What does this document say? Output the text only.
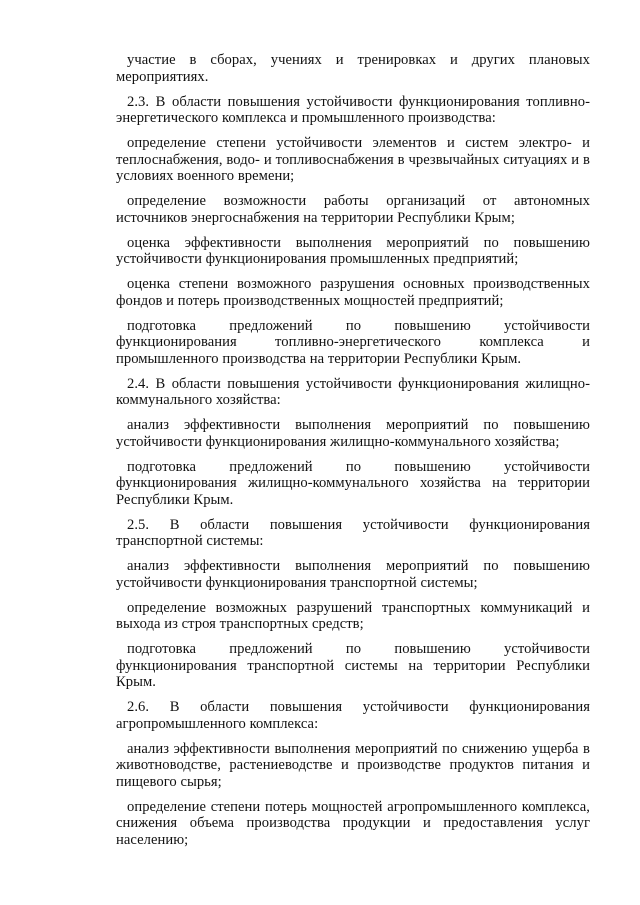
участие в сборах, учениях и тренировках и других плановых мероприятиях.

2.3. В области повышения устойчивости функционирования топливно-энергетического комплекса и промышленного производства:

определение степени устойчивости элементов и систем электро- и теплоснабжения, водо- и топливоснабжения в чрезвычайных ситуациях и в условиях военного времени;

определение возможности работы организаций от автономных источников энергоснабжения на территории Республики Крым;

оценка эффективности выполнения мероприятий по повышению устойчивости функционирования промышленных предприятий;

оценка степени возможного разрушения основных производственных фондов и потерь производственных мощностей предприятий;

подготовка предложений по повышению устойчивости функционирования топливно-энергетического комплекса и промышленного производства на территории Республики Крым.

2.4. В области повышения устойчивости функционирования жилищно-коммунального хозяйства:

анализ эффективности выполнения мероприятий по повышению устойчивости функционирования жилищно-коммунального хозяйства;

подготовка предложений по повышению устойчивости функционирования жилищно-коммунального хозяйства на территории Республики Крым.

2.5. В области повышения устойчивости функционирования транспортной системы:

анализ эффективности выполнения мероприятий по повышению устойчивости функционирования транспортной системы;

определение возможных разрушений транспортных коммуникаций и выхода из строя транспортных средств;

подготовка предложений по повышению устойчивости функционирования транспортной системы на территории Республики Крым.

2.6. В области повышения устойчивости функционирования агропромышленного комплекса:

анализ эффективности выполнения мероприятий по снижению ущерба в животноводстве, растениеводстве и производстве продуктов питания и пищевого сырья;

определение степени потерь мощностей агропромышленного комплекса, снижения объема производства продукции и предоставления услуг населению;
